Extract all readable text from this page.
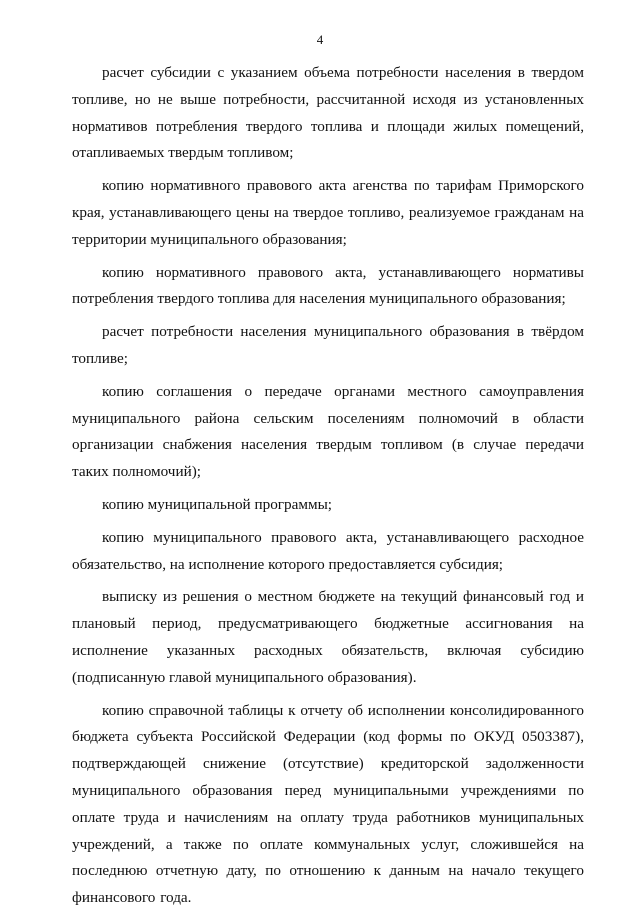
4

расчет субсидии с указанием объема потребности населения в твердом топливе, но не выше потребности, рассчитанной исходя из установленных нормативов потребления твердого топлива и площади жилых помещений, отапливаемых твердым топливом;

копию нормативного правового акта агенства по тарифам Приморского края, устанавливающего цены на твердое топливо, реализуемое гражданам на территории муниципального образования;

копию нормативного правового акта, устанавливающего нормативы потребления твердого топлива для населения муниципального образования;

расчет потребности населения муниципального образования в твёрдом топливе;

копию соглашения о передаче органами местного самоуправления муниципального района сельским поселениям полномочий в области организации снабжения населения твердым топливом (в случае передачи таких полномочий);

копию муниципальной программы;

копию муниципального правового акта, устанавливающего расходное обязательство, на исполнение которого предоставляется субсидия;

выписку из решения о местном бюджете на текущий финансовый год и плановый период, предусматривающего бюджетные ассигнования на исполнение указанных расходных обязательств, включая субсидию (подписанную главой муниципального образования).

копию справочной таблицы к отчету об исполнении консолидированного бюджета субъекта Российской Федерации (код формы по ОКУД 0503387), подтверждающей снижение (отсутствие) кредиторской задолженности муниципального образования перед муниципальными учреждениями по оплате труда и начислениям на оплату труда работников муниципальных учреждений, а также по оплате коммунальных услуг, сложившейся на последнюю отчетную дату, по отношению к данным на начало текущего финансового года.
